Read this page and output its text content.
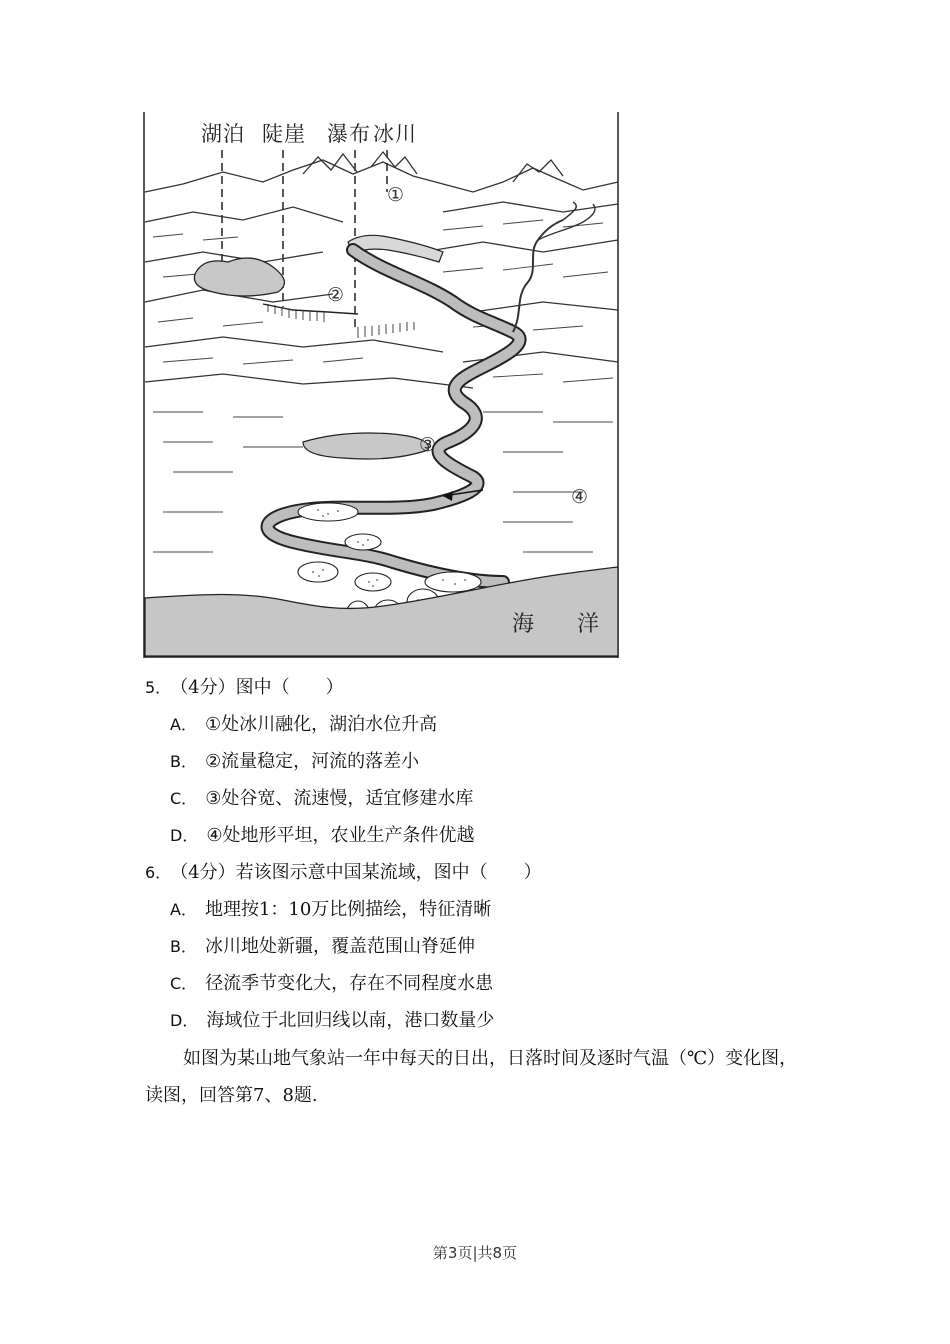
湖泊 陡崖 瀑布 冰川
①
②
③
④
海 洋
5． （4分）图中（　　）
A． ①处冰川融化，湖泊水位升高
B． ②流量稳定，河流的落差小
C． ③处谷宽、流速慢，适宜修建水库
D． ④处地形平坦，农业生产条件优越
6． （4分）若该图示意中国某流域，图中（　　）
A． 地理按1：10万比例描绘，特征清晰
B． 冰川地处新疆，覆盖范围山脊延伸
C． 径流季节变化大，存在不同程度水患
D． 海域位于北回归线以南，港口数量少
如图为某山地气象站一年中每天的日出，日落时间及逐时气温（℃）变化图，读图，回答第7、8题.
第3页|共8页
